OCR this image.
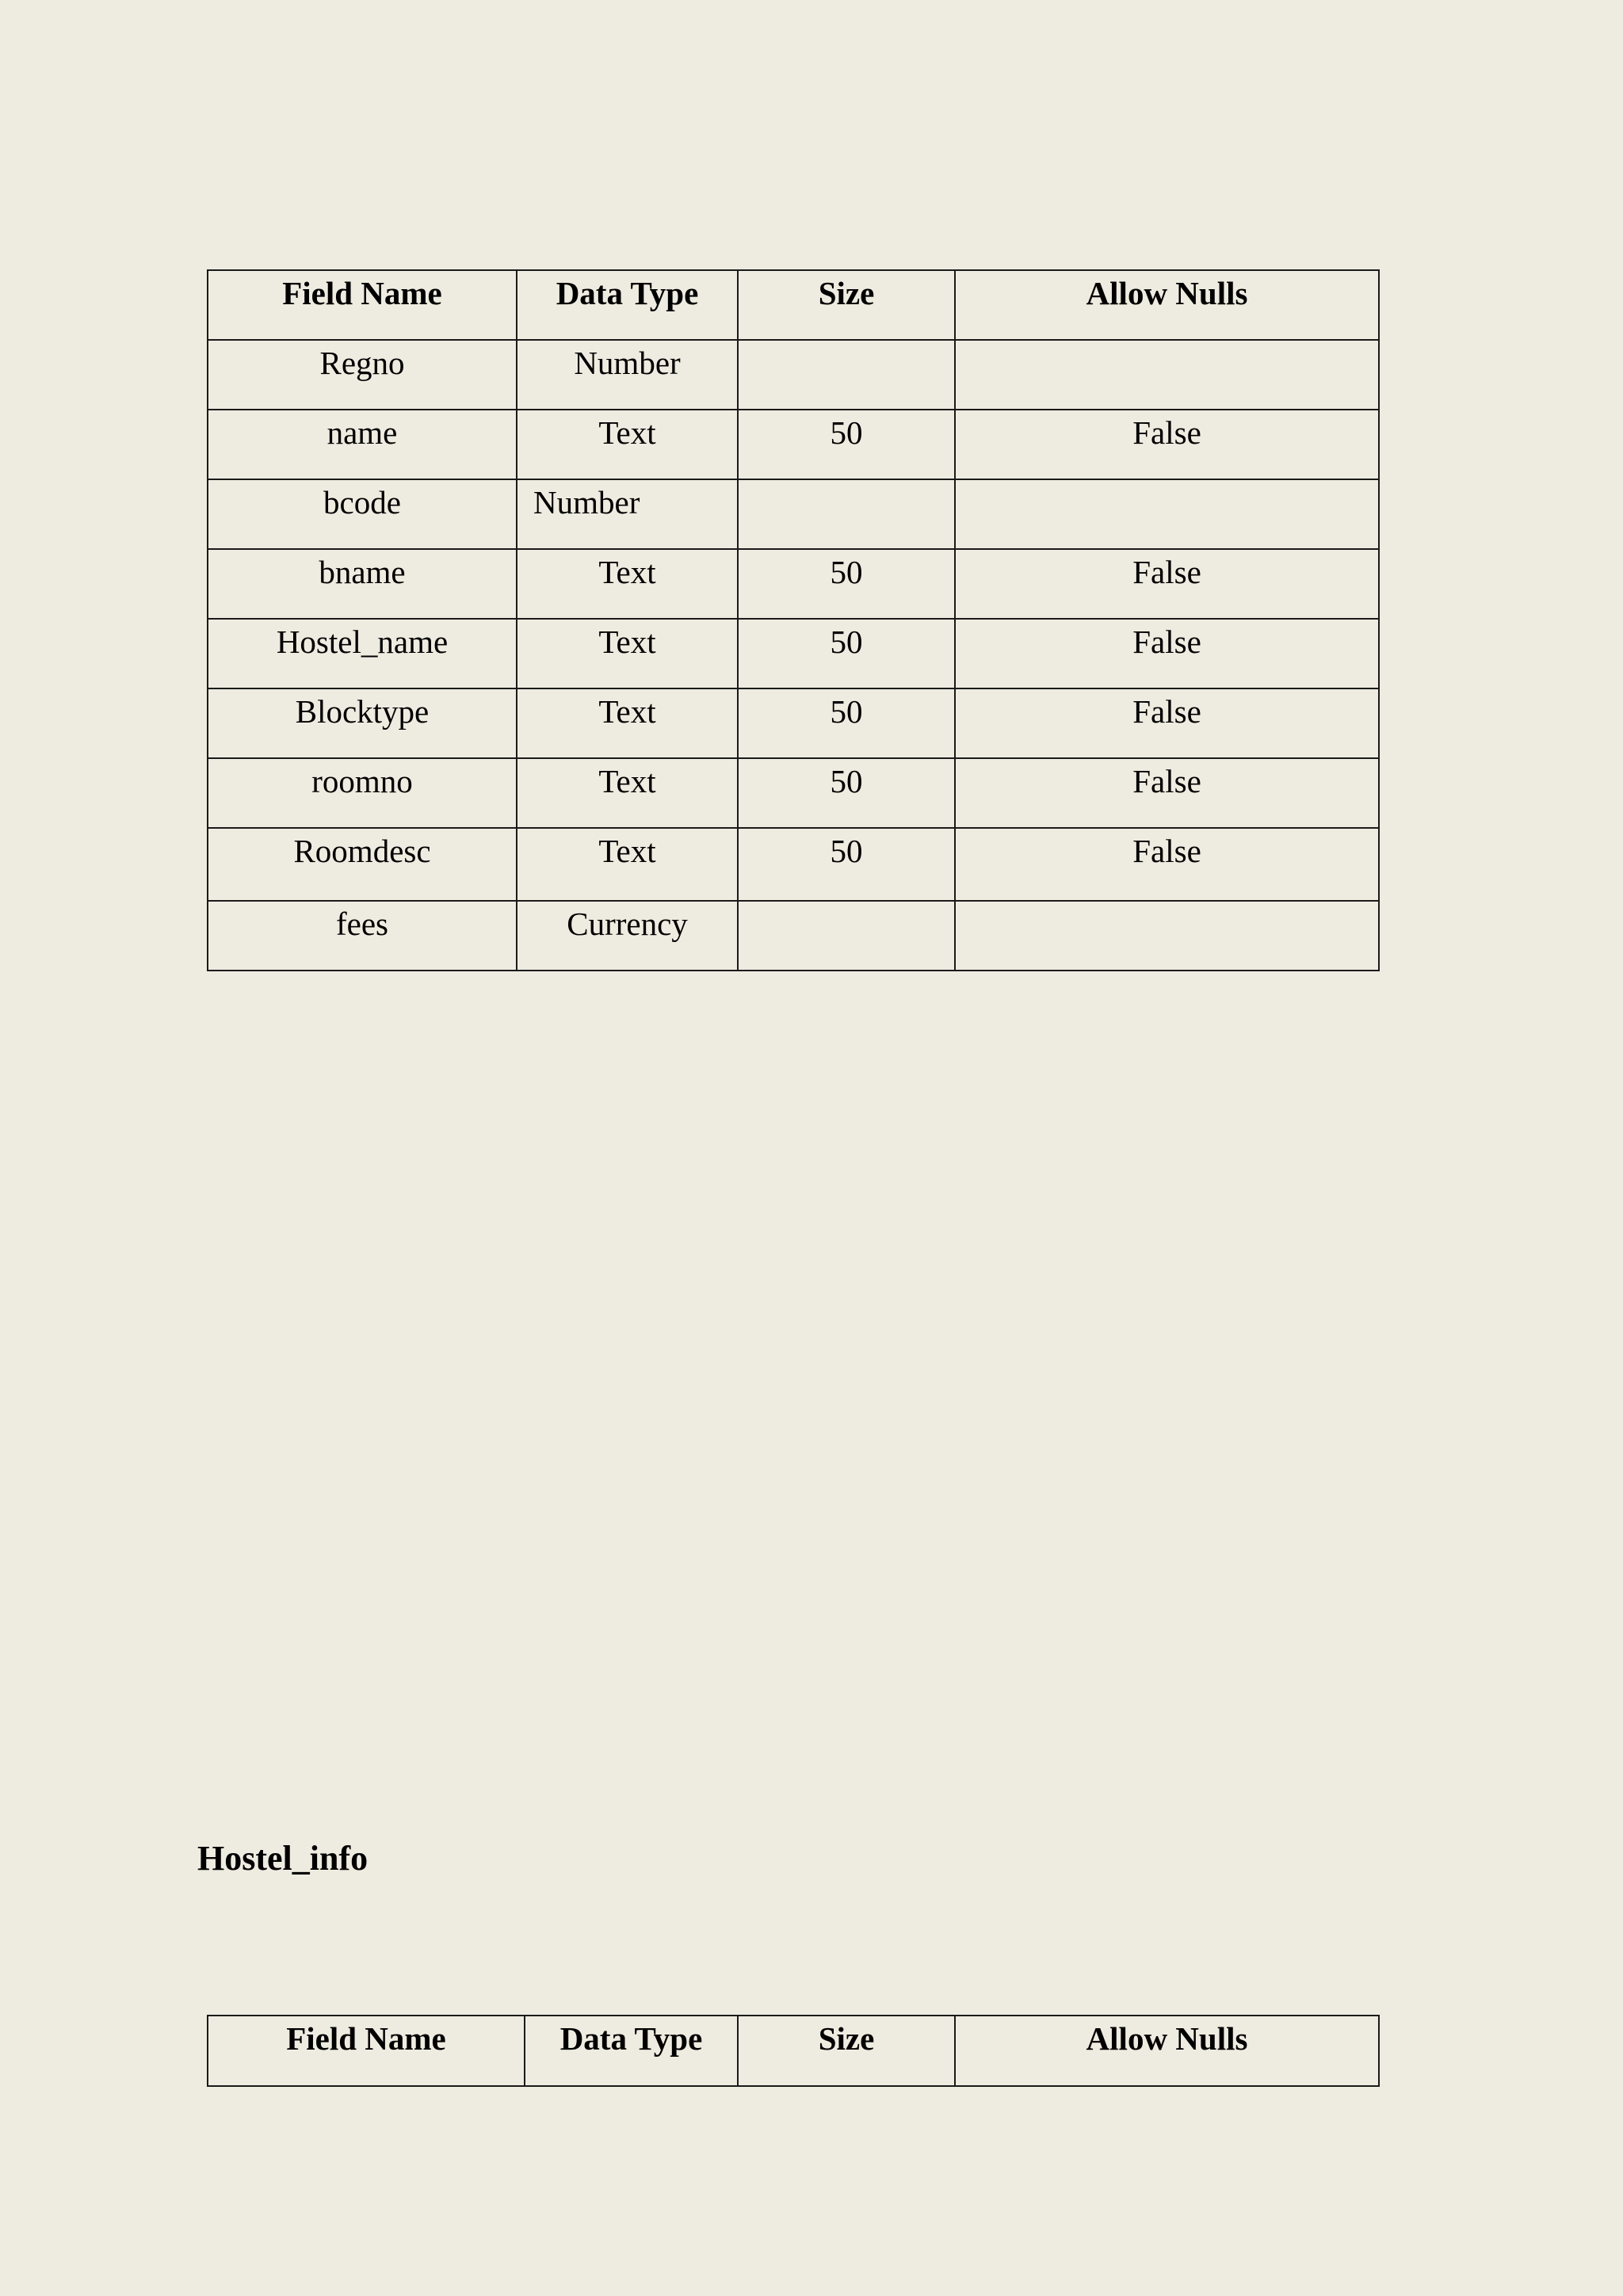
Field Name	Data Type	Size	Allow Nulls
Regno	Number		
name	Text	50	False
bcode	Number		
bname	Text	50	False
Hostel_name	Text	50	False
Blocktype	Text	50	False
roomno	Text	50	False
Roomdesc	Text	50	False
fees	Currency		
Hostel_info
Field Name	Data Type	Size	Allow Nulls
